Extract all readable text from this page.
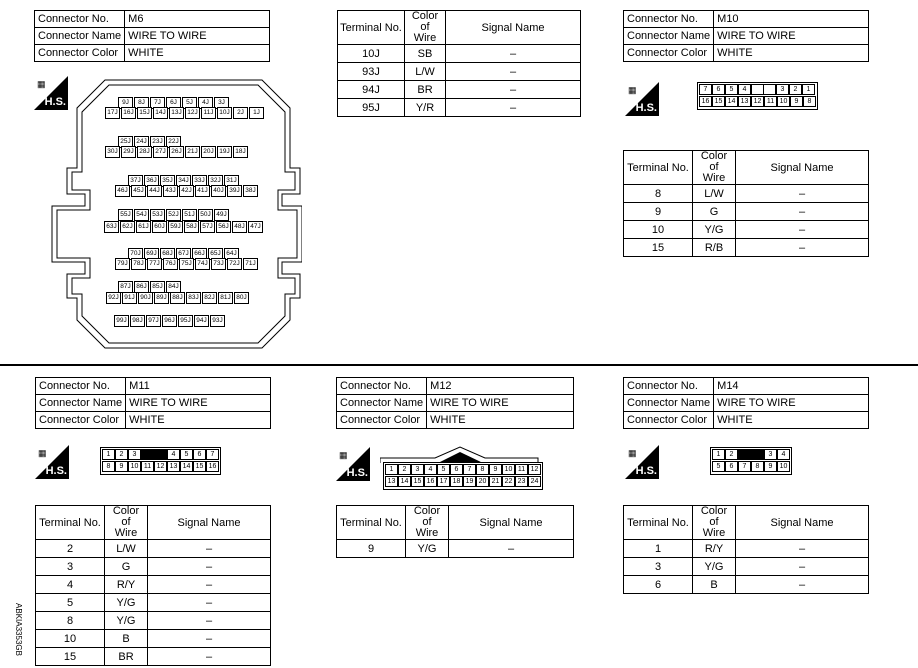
Connector No.	M6
Connector Name	WIRE TO WIRE
Connector Color	WHITE
▦
H.S.	9J	8J	7J	6J	5J	4J	3J
17J 16J 15J 14J 13J 12J 11J 10J	2J	1J
25J 24J 23J 22J
30J 29J 28J 27J 26J 21J 20J 19J 18J
37J 36J 35J 34J 33J 32J 31J
46J 45J 44J 43J 42J 41J 40J 39J 38J
55J 54J 53J 52J 51J 50J 49J
63J 62J 61J 60J 59J 58J 57J 56J 48J 47J
70J 69J 68J 67J 66J 65J 64J
79J 78J 77J 76J 75J 74J 73J 72J 71J
87J 86J 85J 84J
92J 91J 90J 89J 88J 83J 82J 81J 80J
99J 98J 97J 96J 95J 94J 93J
Terminal No.	Color of
Wire	Signal Name
10J	SB	–
93J	L/W	–
94J	BR	–
95J	Y/R	–
Connector No.	M10
Connector Name	WIRE TO WIRE
Connector Color	WHITE
▦
H.S.
7	6	5	4	3	2	1
16 15 14 13 12 11 10	9	8
Terminal No.	Color of
Wire	Signal Name
8	L/W	–
9	G	–
10	Y/G	–
15	R/B	–
Connector No.	M11
Connector Name	WIRE TO WIRE
Connector Color	WHITE
▦
H.S.
1	2	3	4	5	6	7
8	9	10 11 12 13 14 15 16
Terminal No.	Color of
Wire	Signal Name
2	L/W	–
3	G	–
4	R/Y	–
5	Y/G	–
8	Y/G	–
10	B	–
15	BR	–
Connector No.	M12
Connector Name	WIRE TO WIRE
Connector Color	WHITE
▦
H.S.	1	2	3	4	5	6	7	8	9	10 11 12
13 14 15 16 17 18 19 20 21 22 23 24
Terminal No.	Color of
Wire	Signal Name
9	Y/G	–
Connector No.	M14
Connector Name	WIRE TO WIRE
Connector Color	WHITE
▦
H.S.
1	2	3	4
5	6	7	8	9	10
Terminal No.	Color of
Wire	Signal Name
1	R/Y	–
3	Y/G	–
6	B	–
ABKIA3353GB
